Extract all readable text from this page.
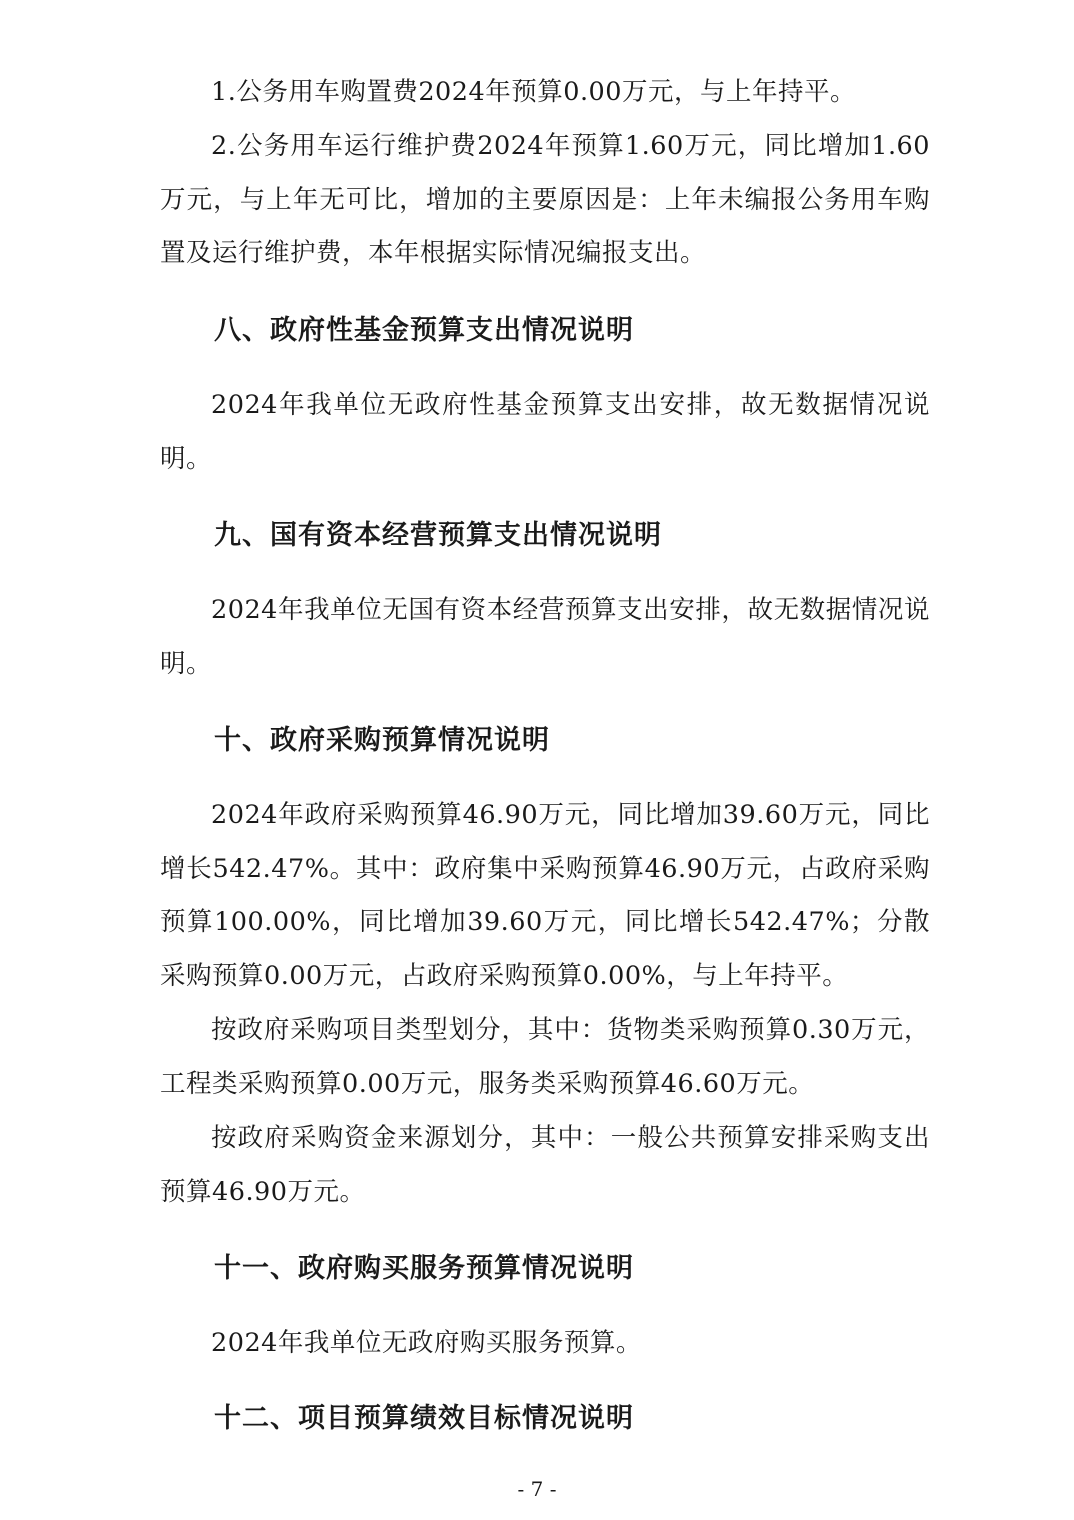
1.公务用车购置费2024年预算0.00万元，与上年持平。

2.公务用车运行维护费2024年预算1.60万元，同比增加1.60万元，与上年无可比，增加的主要原因是：上年未编报公务用车购置及运行维护费，本年根据实际情况编报支出。

八、政府性基金预算支出情况说明

2024年我单位无政府性基金预算支出安排，故无数据情况说明。

九、国有资本经营预算支出情况说明

2024年我单位无国有资本经营预算支出安排，故无数据情况说明。

十、政府采购预算情况说明

2024年政府采购预算46.90万元，同比增加39.60万元，同比增长542.47%。其中：政府集中采购预算46.90万元，占政府采购预算100.00%，同比增加39.60万元，同比增长542.47%；分散采购预算0.00万元，占政府采购预算0.00%，与上年持平。

按政府采购项目类型划分，其中：货物类采购预算0.30万元，工程类采购预算0.00万元，服务类采购预算46.60万元。

按政府采购资金来源划分，其中：一般公共预算安排采购支出预算46.90万元。

十一、政府购买服务预算情况说明

2024年我单位无政府购买服务预算。

十二、项目预算绩效目标情况说明
- 7 -
